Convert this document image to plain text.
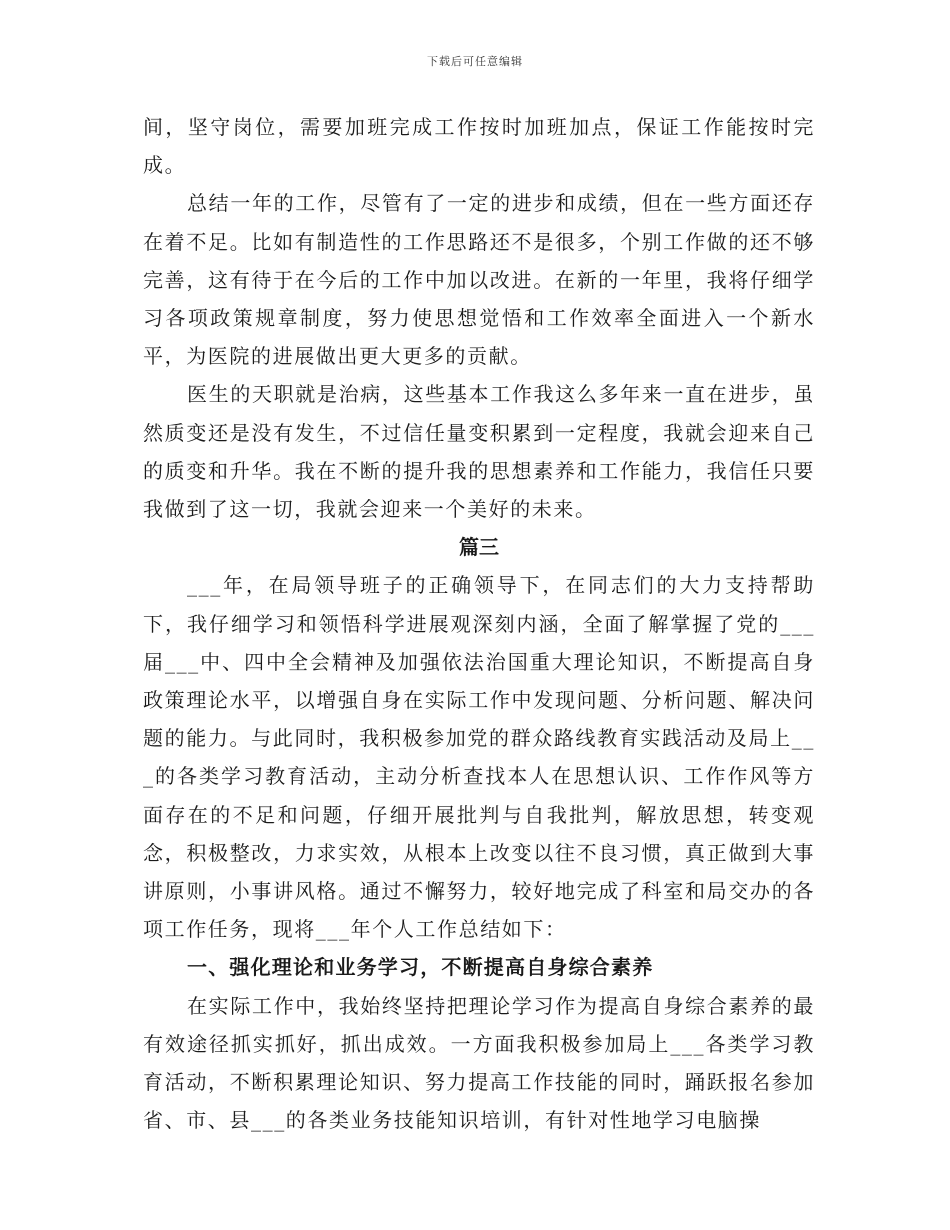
下载后可任意编辑

间，坚守岗位，需要加班完成工作按时加班加点，保证工作能按时完成。

总结一年的工作，尽管有了一定的进步和成绩，但在一些方面还存在着不足。比如有制造性的工作思路还不是很多，个别工作做的还不够完善，这有待于在今后的工作中加以改进。在新的一年里，我将仔细学习各项政策规章制度，努力使思想觉悟和工作效率全面进入一个新水平，为医院的进展做出更大更多的贡献。

医生的天职就是治病，这些基本工作我这么多年来一直在进步，虽然质变还是没有发生，不过信任量变积累到一定程度，我就会迎来自己的质变和升华。我在不断的提升我的思想素养和工作能力，我信任只要我做到了这一切，我就会迎来一个美好的未来。

篇三

___年，在局领导班子的正确领导下，在同志们的大力支持帮助下，我仔细学习和领悟科学进展观深刻内涵，全面了解掌握了党的___届___中、四中全会精神及加强依法治国重大理论知识，不断提高自身政策理论水平，以增强自身在实际工作中发现问题、分析问题、解决问题的能力。与此同时，我积极参加党的群众路线教育实践活动及局上___的各类学习教育活动，主动分析查找本人在思想认识、工作作风等方面存在的不足和问题，仔细开展批判与自我批判，解放思想，转变观念，积极整改，力求实效，从根本上改变以往不良习惯，真正做到大事讲原则，小事讲风格。通过不懈努力，较好地完成了科室和局交办的各项工作任务，现将___年个人工作总结如下：

一、强化理论和业务学习，不断提高自身综合素养

在实际工作中，我始终坚持把理论学习作为提高自身综合素养的最有效途径抓实抓好，抓出成效。一方面我积极参加局上___各类学习教育活动，不断积累理论知识、努力提高工作技能的同时，踊跃报名参加省、市、县___的各类业务技能知识培训，有针对性地学习电脑操
